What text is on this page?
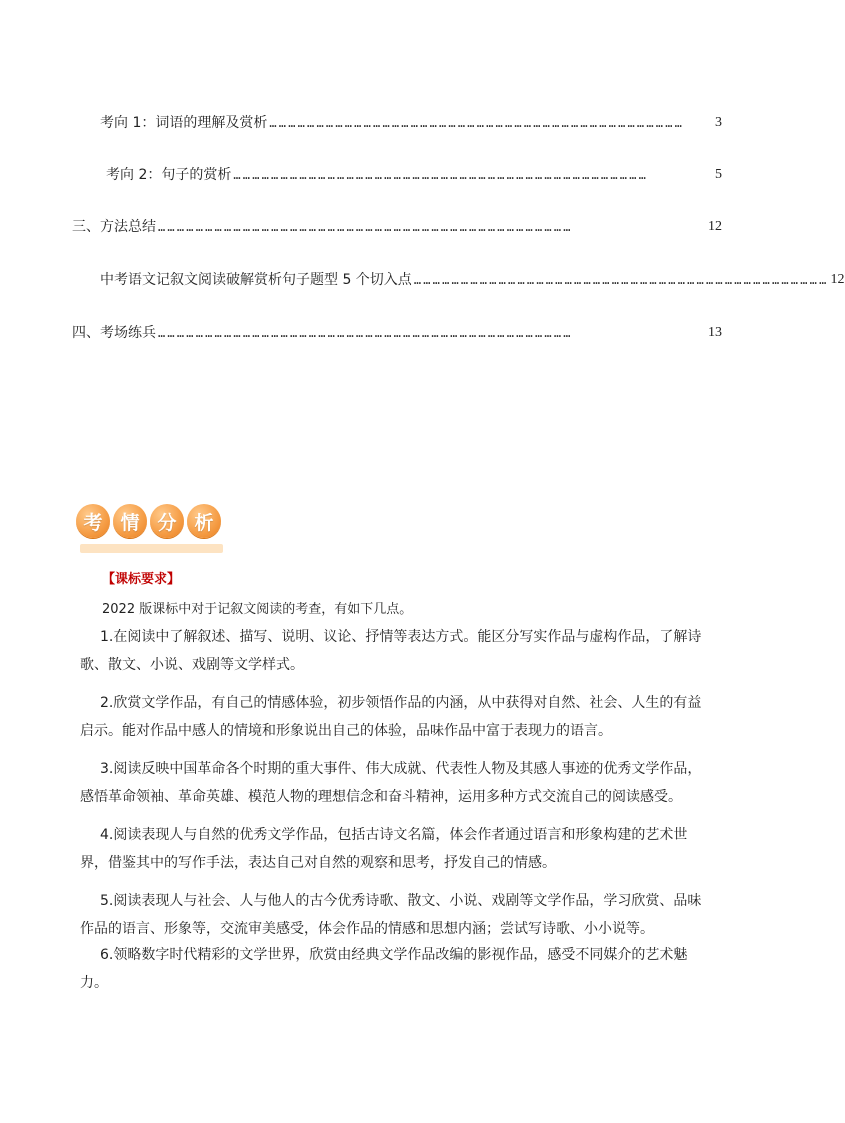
考向 1：词语的理解及赏析 ……………………………………………………………………………………………………………………	3
考向 2：句子的赏析 ……………………………………………………………………………………………………………………	5
三、方法总结 ……………………………………………………………………………………………………………………	12
中考语文记叙文阅读破解赏析句子题型 5 个切入点 …………………………………………………………………………………………………………………… 12
四、考场练兵 ……………………………………………………………………………………………………………………	13
考 情 分 析
【课标要求】
2022 版课标中对于记叙文阅读的考查，有如下几点。
1.在阅读中了解叙述、描写、说明、议论、抒情等表达方式。能区分写实作品与虚构作品，了解诗歌、散文、小说、戏剧等文学样式。
2.欣赏文学作品，有自己的情感体验，初步领悟作品的内涵，从中获得对自然、社会、人生的有益启示。能对作品中感人的情境和形象说出自己的体验，品味作品中富于表现力的语言。
3.阅读反映中国革命各个时期的重大事件、伟大成就、代表性人物及其感人事迹的优秀文学作品，感悟革命领袖、革命英雄、模范人物的理想信念和奋斗精神，运用多种方式交流自己的阅读感受。
4.阅读表现人与自然的优秀文学作品，包括古诗文名篇，体会作者通过语言和形象构建的艺术世界，借鉴其中的写作手法，表达自己对自然的观察和思考，抒发自己的情感。
5.阅读表现人与社会、人与他人的古今优秀诗歌、散文、小说、戏剧等文学作品，学习欣赏、品味作品的语言、形象等，交流审美感受，体会作品的情感和思想内涵；尝试写诗歌、小小说等。
6.领略数字时代精彩的文学世界，欣赏由经典文学作品改编的影视作品，感受不同媒介的艺术魅力。
